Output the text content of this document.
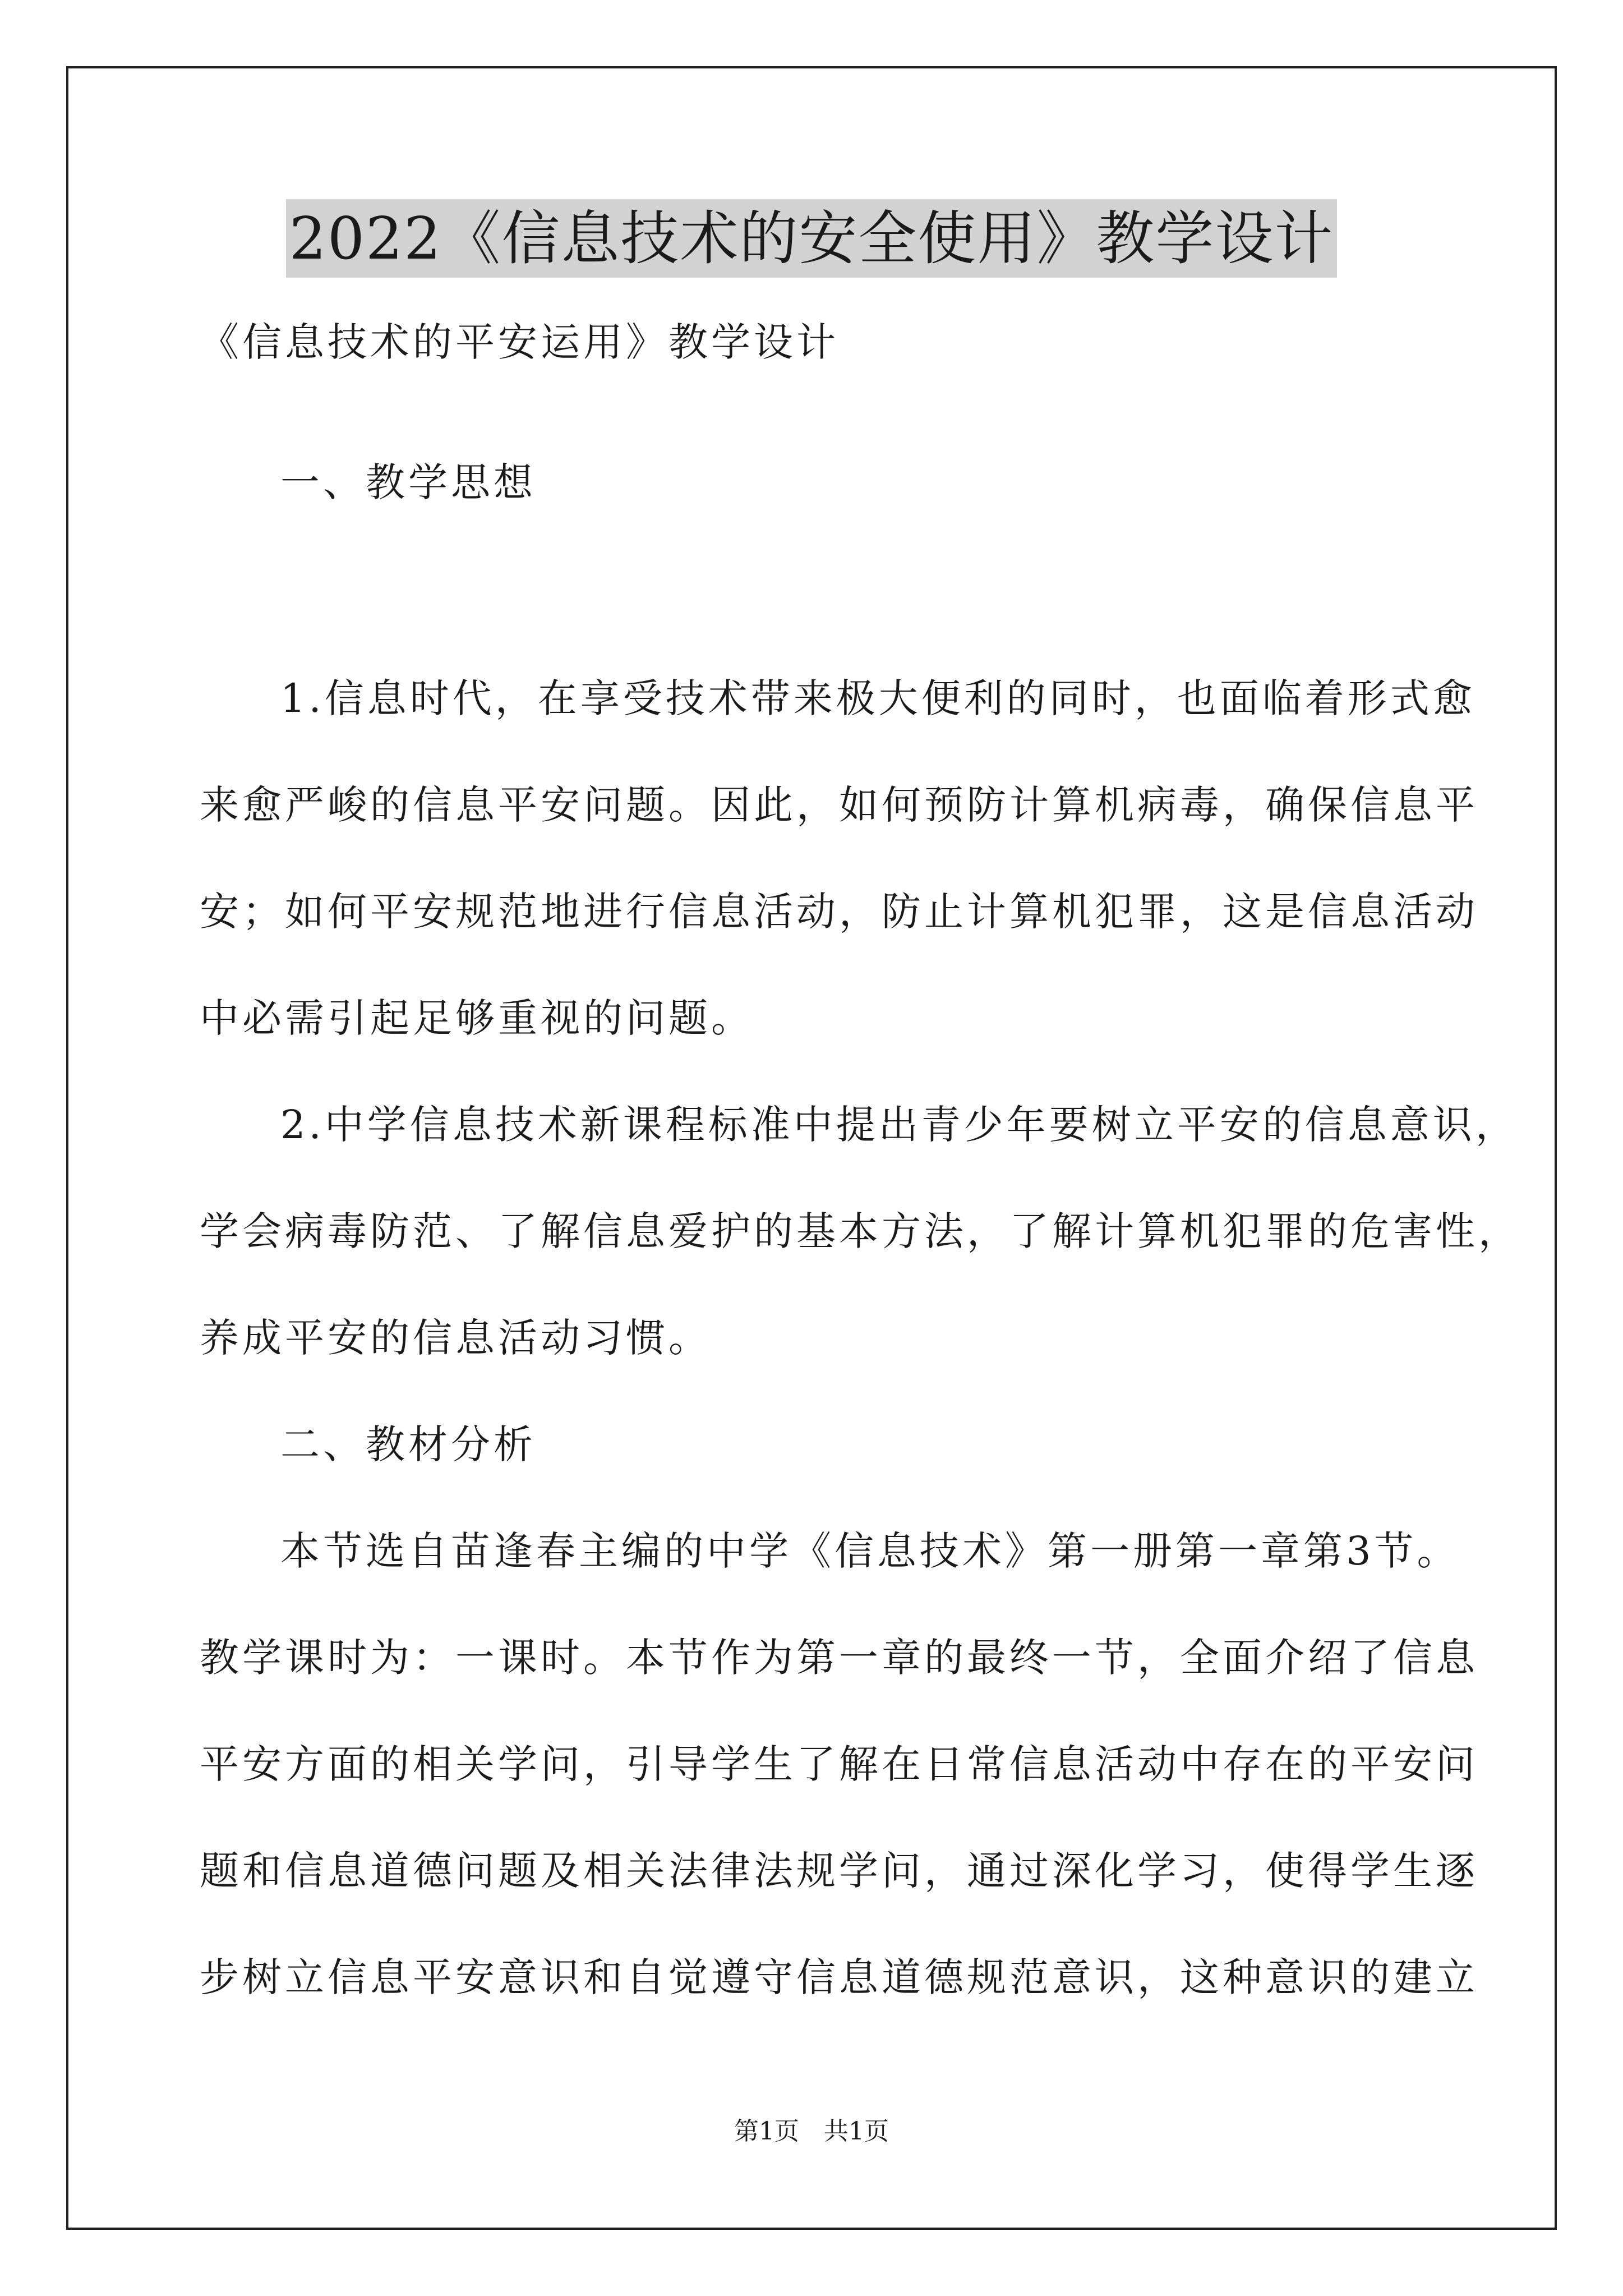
2022《信息技术的安全使用》教学设计
《信息技术的平安运用》教学设计
一、教学思想
1.信息时代，在享受技术带来极大便利的同时，也面临着形式愈
来愈严峻的信息平安问题。因此，如何预防计算机病毒，确保信息平
安；如何平安规范地进行信息活动，防止计算机犯罪，这是信息活动
中必需引起足够重视的问题。
2.中学信息技术新课程标准中提出青少年要树立平安的信息意识，
学会病毒防范、了解信息爱护的基本方法，了解计算机犯罪的危害性，
养成平安的信息活动习惯。
二、教材分析
本节选自苗逢春主编的中学《信息技术》第一册第一章第3节。
教学课时为：一课时。本节作为第一章的最终一节，全面介绍了信息
平安方面的相关学问，引导学生了解在日常信息活动中存在的平安问
题和信息道德问题及相关法律法规学问，通过深化学习，使得学生逐
步树立信息平安意识和自觉遵守信息道德规范意识，这种意识的建立
第1页　共1页
